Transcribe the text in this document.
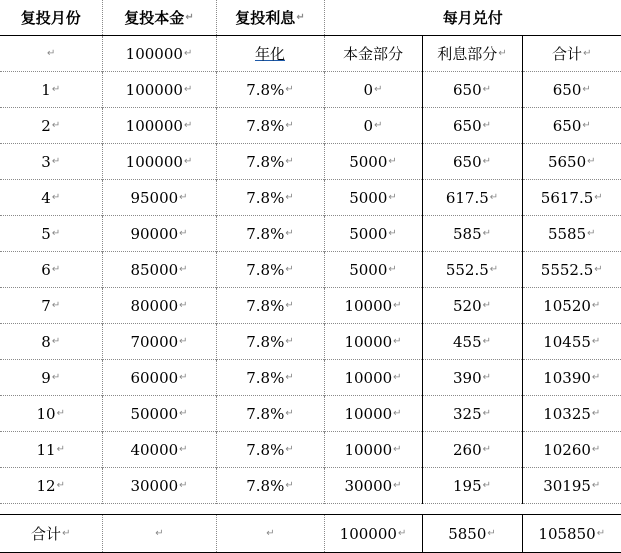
复投月份	复投本金 ↵	复投利息 ↵	每月兑付		

↵	100000 ↵	年化	本金部分	利息部分 ↵	合计 ↵

1 ↵	100000 ↵	7.8% ↵	0 ↵	650 ↵	650 ↵

2 ↵	100000 ↵	7.8% ↵	0 ↵	650 ↵	650 ↵

3 ↵	100000 ↵	7.8% ↵	5000 ↵	650 ↵	5650 ↵

4 ↵	95000 ↵	7.8% ↵	5000 ↵	617.5 ↵	5617.5 ↵

5 ↵	90000 ↵	7.8% ↵	5000 ↵	585 ↵	5585 ↵

6 ↵	85000 ↵	7.8% ↵	5000 ↵	552.5 ↵	5552.5 ↵

7 ↵	80000 ↵	7.8% ↵	10000 ↵	520 ↵	10520 ↵

8 ↵	70000 ↵	7.8% ↵	10000 ↵	455 ↵	10455 ↵

9 ↵	60000 ↵	7.8% ↵	10000 ↵	390 ↵	10390 ↵

10 ↵	50000 ↵	7.8% ↵	10000 ↵	325 ↵	10325 ↵

11 ↵	40000 ↵	7.8% ↵	10000 ↵	260 ↵	10260 ↵

12 ↵	30000 ↵	7.8% ↵	30000 ↵	195 ↵	30195 ↵

合计 ↵	↵	↵	100000 ↵	5850 ↵	105850 ↵
